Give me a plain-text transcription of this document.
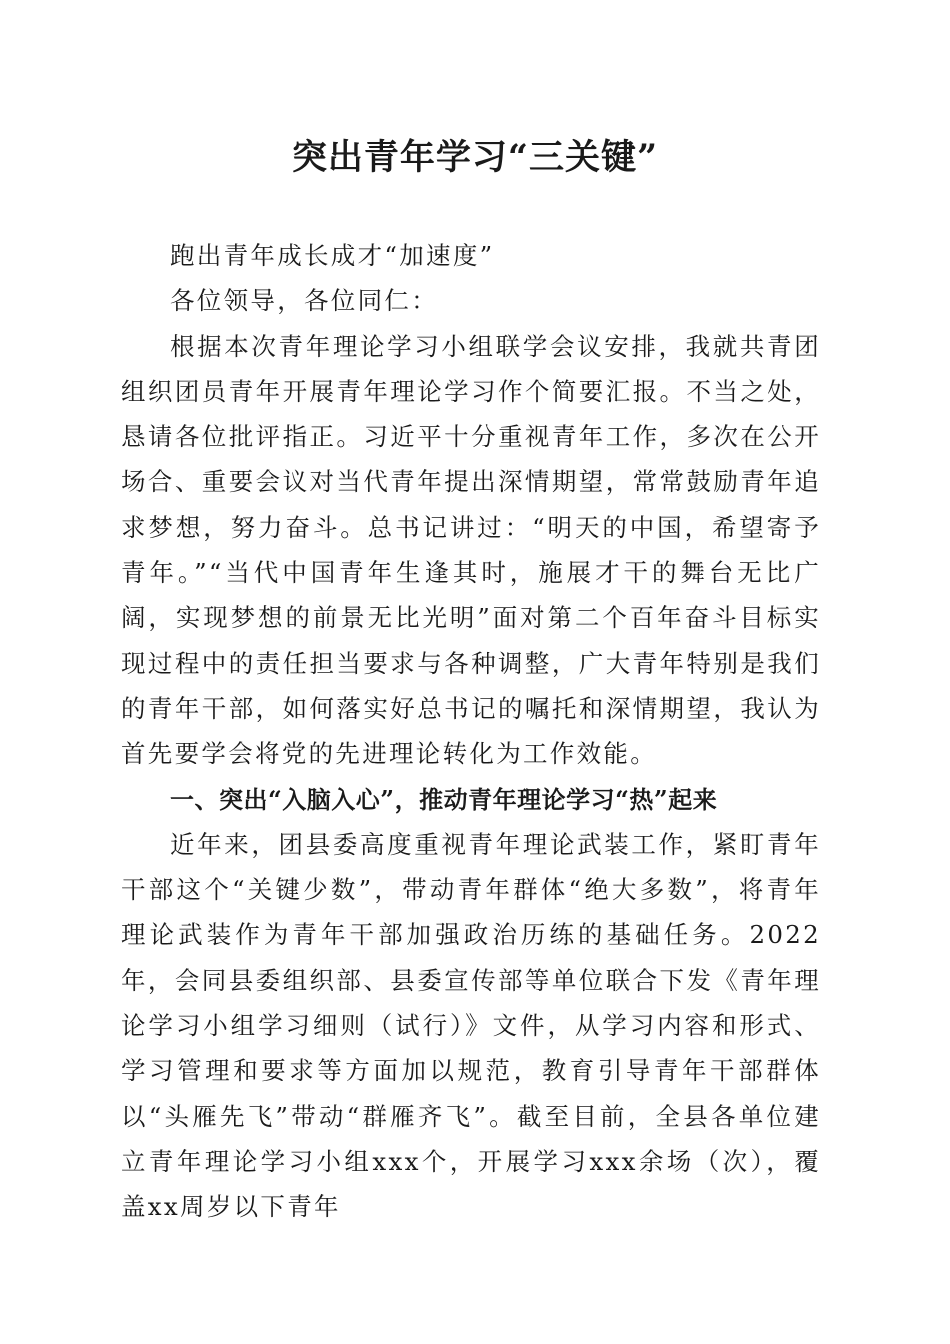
突出青年学习“三关键”

跑出青年成长成才“加速度”

各位领导，各位同仁：

根据本次青年理论学习小组联学会议安排，我就共青团组织团员青年开展青年理论学习作个简要汇报。不当之处，恳请各位批评指正。习近平十分重视青年工作，多次在公开场合、重要会议对当代青年提出深情期望，常常鼓励青年追求梦想，努力奋斗。总书记讲过：“明天的中国，希望寄予青年。”“当代中国青年生逢其时，施展才干的舞台无比广阔，实现梦想的前景无比光明”面对第二个百年奋斗目标实现过程中的责任担当要求与各种调整，广大青年特别是我们的青年干部，如何落实好总书记的嘱托和深情期望，我认为首先要学会将党的先进理论转化为工作效能。

一、突出“入脑入心”，推动青年理论学习“热”起来

近年来，团县委高度重视青年理论武装工作，紧盯青年干部这个“关键少数”，带动青年群体“绝大多数”，将青年理论武装作为青年干部加强政治历练的基础任务。2022年，会同县委组织部、县委宣传部等单位联合下发《青年理论学习小组学习细则（试行）》文件，从学习内容和形式、学习管理和要求等方面加以规范，教育引导青年干部群体以“头雁先飞”带动“群雁齐飞”。截至目前，全县各单位建立青年理论学习小组xxx个，开展学习xxx余场（次），覆盖xx周岁以下青年
